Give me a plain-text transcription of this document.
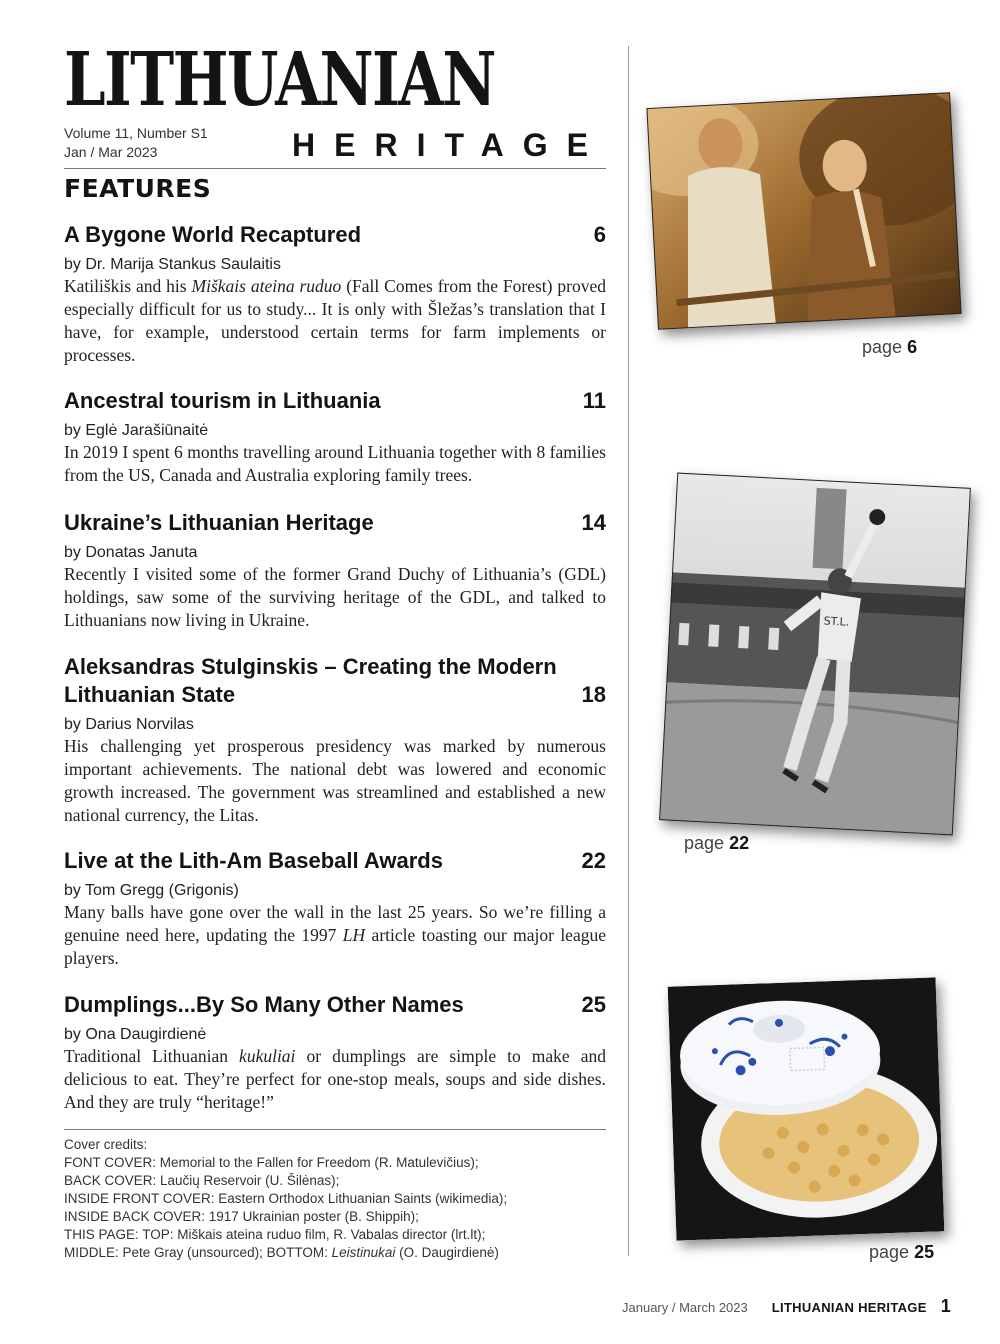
LITHUANIAN
Volume 11, Number S1
Jan / Mar 2023	HERITAGE
FEATURES
A Bygone World Recaptured	6
by Dr. Marija Stankus Saulaitis
Katiliškis and his Miškais ateina ruduo (Fall Comes from the Forest) proved especially difficult for us to study... It is only with Šležas’s translation that I have, for example, understood certain terms for farm implements or processes.
Ancestral tourism in Lithuania	11
by Eglė Jarašiūnaitė
In 2019 I spent 6 months travelling around Lithuania together with 8 families from the US, Canada and Australia exploring family trees.
Ukraine’s Lithuanian Heritage	14
by Donatas Januta
Recently I visited some of the former Grand Duchy of Lithuania’s (GDL) holdings, saw some of the surviving heritage of the GDL, and talked to Lithuanians now living in Ukraine.
Aleksandras Stulginskis – Creating the Modern
Lithuanian State	18
by Darius Norvilas
His challenging yet prosperous presidency was marked by numerous important achievements. The national debt was lowered and economic growth increased. The government was streamlined and established a new national currency, the Litas.
Live at the Lith-Am Baseball Awards	22
by Tom Gregg (Grigonis)
Many balls have gone over the wall in the last 25 years. So we’re filling a genuine need here, updating the 1997 LH article toasting our major league players.
Dumplings...By So Many Other Names	25
by Ona Daugirdienė
Traditional Lithuanian kukuliai or dumplings are simple to make and delicious to eat. They’re perfect for one-stop meals, soups and side dishes. And they are truly “heritage!”
Cover credits:
FONT COVER: Memorial to the Fallen for Freedom (R. Matulevičius);
BACK COVER: Laučių Reservoir (U. Šilėnas);
INSIDE FRONT COVER: Eastern Orthodox Lithuanian Saints (wikimedia);
INSIDE BACK COVER: 1917 Ukrainian poster (B. Shippih);
THIS PAGE: TOP: Miškais ateina ruduo film, R. Vabalas director (lrt.lt);
MIDDLE: Pete Gray (unsourced); BOTTOM: Leistinukai (O. Daugirdienė)
page 6
ST.L.
page 22
page 25
January / March 2023 LITHUANIAN HERITAGE 1
